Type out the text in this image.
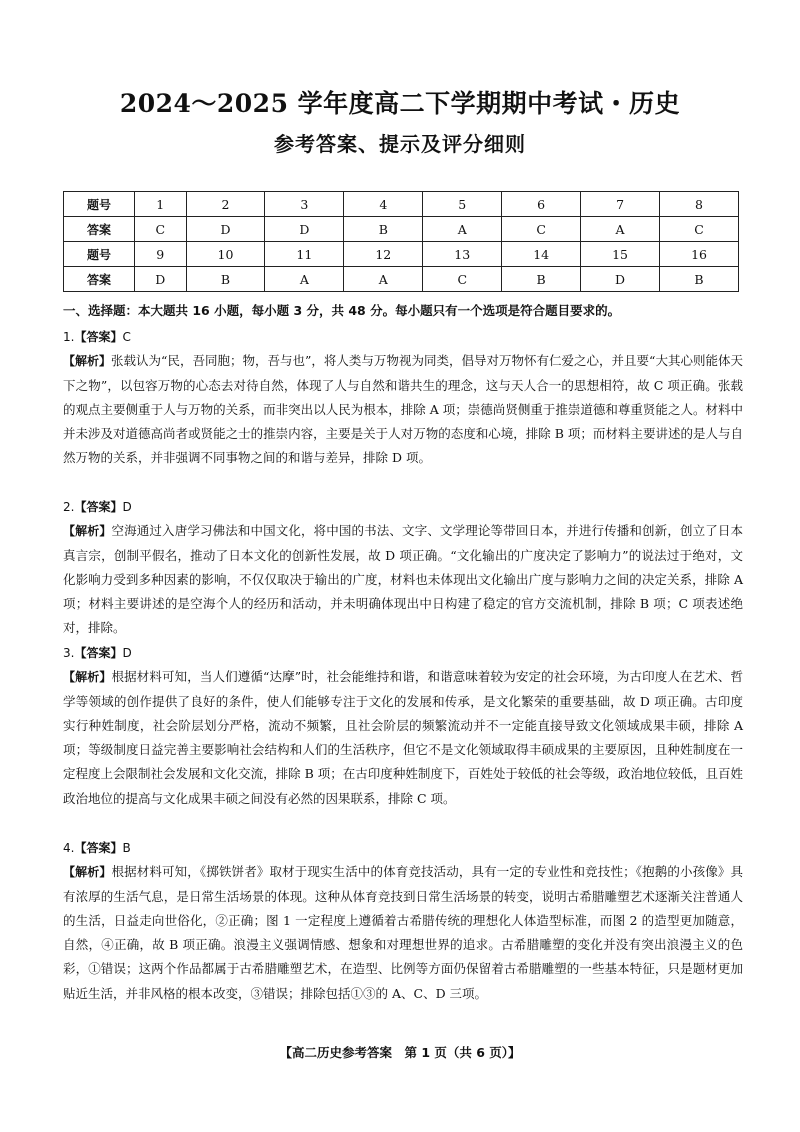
2024～2025 学年度高二下学期期中考试・历史
参考答案、提示及评分细则
题号	1	2	3	4	5	6	7	8
答案	C	D	D	B	A	C	A	C
题号	9	10	11	12	13	14	15	16
答案	D	B	A	A	C	B	D	B
一、选择题：本大题共 16 小题，每小题 3 分，共 48 分。每小题只有一个选项是符合题目要求的。
1.【答案】C
【解析】张载认为“民，吾同胞；物，吾与也”，将人类与万物视为同类，倡导对万物怀有仁爱之心，并且要“大其心则能体天下之物”，以包容万物的心态去对待自然，体现了人与自然和谐共生的理念，这与天人合一的思想相符，故 C 项正确。张载的观点主要侧重于人与万物的关系，而非突出以人民为根本，排除 A 项；崇德尚贤侧重于推崇道德和尊重贤能之人。材料中并未涉及对道德高尚者或贤能之士的推崇内容，主要是关于人对万物的态度和心境，排除 B 项；而材料主要讲述的是人与自然万物的关系，并非强调不同事物之间的和谐与差异，排除 D 项。
2.【答案】D
【解析】空海通过入唐学习佛法和中国文化，将中国的书法、文字、文学理论等带回日本，并进行传播和创新，创立了日本真言宗，创制平假名，推动了日本文化的创新性发展，故 D 项正确。“文化输出的广度决定了影响力”的说法过于绝对，文化影响力受到多种因素的影响，不仅仅取决于输出的广度，材料也未体现出文化输出广度与影响力之间的决定关系，排除 A 项；材料主要讲述的是空海个人的经历和活动，并未明确体现出中日构建了稳定的官方交流机制，排除 B 项；C 项表述绝对，排除。
3.【答案】D
【解析】根据材料可知，当人们遵循“达摩”时，社会能维持和谐，和谐意味着较为安定的社会环境，为古印度人在艺术、哲学等领域的创作提供了良好的条件，使人们能够专注于文化的发展和传承，是文化繁荣的重要基础，故 D 项正确。古印度实行种姓制度，社会阶层划分严格，流动不频繁，且社会阶层的频繁流动并不一定能直接导致文化领域成果丰硕，排除 A 项；等级制度日益完善主要影响社会结构和人们的生活秩序，但它不是文化领域取得丰硕成果的主要原因，且种姓制度在一定程度上会限制社会发展和文化交流，排除 B 项；在古印度种姓制度下，百姓处于较低的社会等级，政治地位较低，且百姓政治地位的提高与文化成果丰硕之间没有必然的因果联系，排除 C 项。
4.【答案】B
【解析】根据材料可知，《掷铁饼者》取材于现实生活中的体育竞技活动，具有一定的专业性和竞技性；《抱鹅的小孩像》具有浓厚的生活气息，是日常生活场景的体现。这种从体育竞技到日常生活场景的转变，说明古希腊雕塑艺术逐渐关注普通人的生活，日益走向世俗化，②正确；图 1 一定程度上遵循着古希腊传统的理想化人体造型标准，而图 2 的造型更加随意，自然，④正确，故 B 项正确。浪漫主义强调情感、想象和对理想世界的追求。古希腊雕塑的变化并没有突出浪漫主义的色彩，①错误；这两个作品都属于古希腊雕塑艺术，在造型、比例等方面仍保留着古希腊雕塑的一些基本特征，只是题材更加贴近生活，并非风格的根本改变，③错误；排除包括①③的 A、C、D 三项。
【高二历史参考答案　第 1 页（共 6 页）】
